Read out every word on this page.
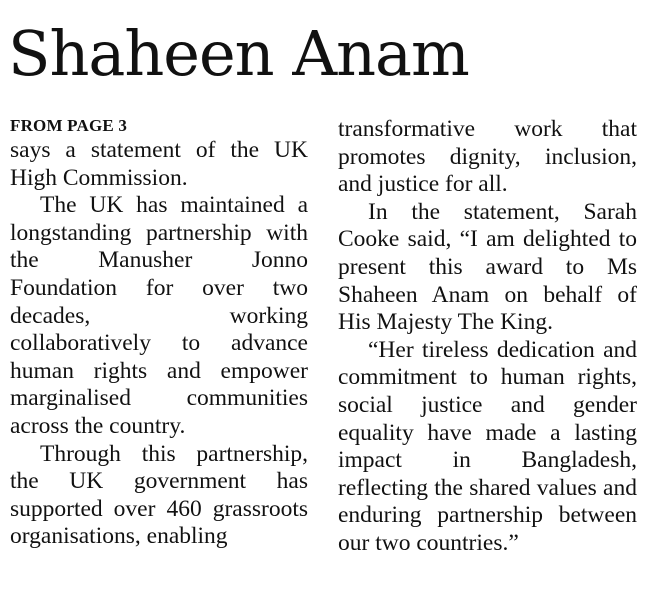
Shaheen Anam
FROM PAGE 3

says a statement of the UK High Commission.

The UK has maintained a longstanding partnership with the Manusher Jonno Foundation for over two decades, working collaboratively to advance human rights and empower marginalised communities across the country.

Through this partnership, the UK government has supported over 460 grassroots organisations, enabling

transformative work that promotes dignity, inclusion, and justice for all.

In the statement, Sarah Cooke said, “I am delighted to present this award to Ms Shaheen Anam on behalf of His Majesty The King.

“Her tireless dedication and commitment to human rights, social justice and gender equality have made a lasting impact in Bangladesh, reflecting the shared values and enduring partnership between our two countries.”
